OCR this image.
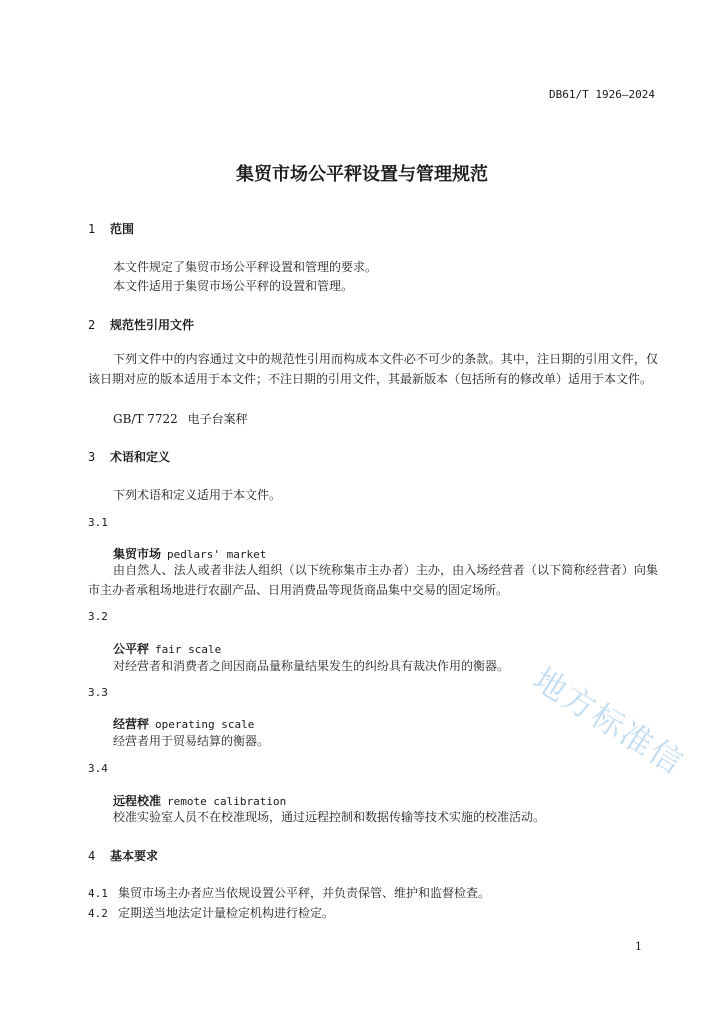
DB61/T 1926—2024
集贸市场公平秤设置与管理规范
1 范围
本文件规定了集贸市场公平秤设置和管理的要求。
本文件适用于集贸市场公平秤的设置和管理。
2 规范性引用文件
下列文件中的内容通过文中的规范性引用而构成本文件必不可少的条款。其中，注日期的引用文件，仅该日期对应的版本适用于本文件；不注日期的引用文件，其最新版本（包括所有的修改单）适用于本文件。
GB/T 7722 电子台案秤
3 术语和定义
下列术语和定义适用于本文件。
3.1
集贸市场 pedlars' market
由自然人、法人或者非法人组织（以下统称集市主办者）主办，由入场经营者（以下简称经营者）向集市主办者承租场地进行农副产品、日用消费品等现货商品集中交易的固定场所。
3.2
公平秤 fair scale
对经营者和消费者之间因商品量称量结果发生的纠纷具有裁决作用的衡器。
3.3
经营秤 operating scale
经营者用于贸易结算的衡器。
3.4
远程校准 remote calibration
校准实验室人员不在校准现场，通过远程控制和数据传输等技术实施的校准活动。
4 基本要求
4.1 集贸市场主办者应当依规设置公平秤，并负责保管、维护和监督检查。
4.2 定期送当地法定计量检定机构进行检定。
地方标准信
1
